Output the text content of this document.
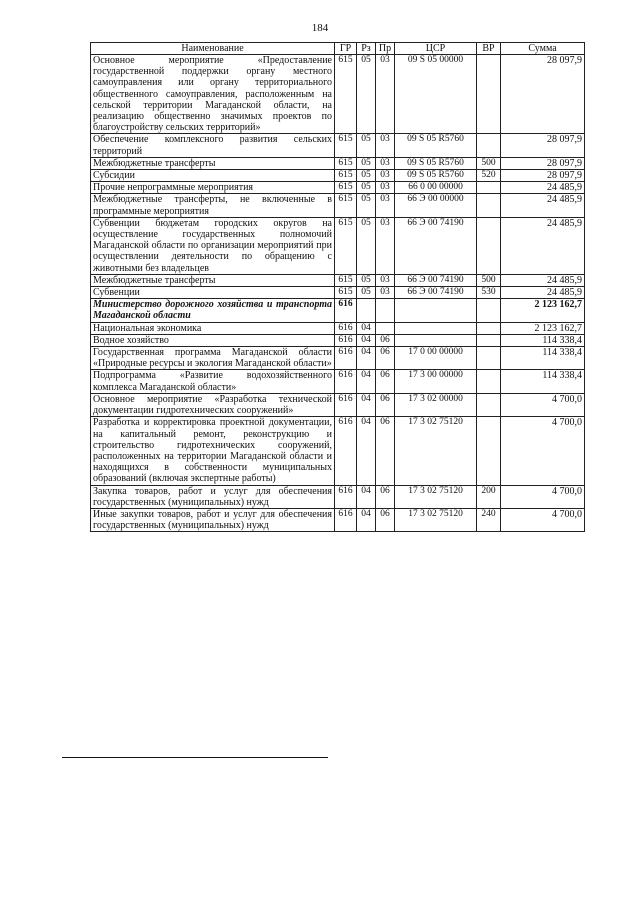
184
Наименование	ГР	Рз	Пр	ЦСР	ВР	Сумма
Основное мероприятие «Предоставление государственной поддержки органу местного самоуправления или органу территориального общественного самоуправления, расположенным на сельской территории Магаданской области, на реализацию общественно значимых проектов по благоустройству сельских территорий»	615	05	03	09 S 05 00000		28 097,9
Обеспечение комплексного развития сельских территорий	615	05	03	09 S 05 R5760		28 097,9
Межбюджетные трансферты	615	05	03	09 S 05 R5760	500	28 097,9
Субсидии	615	05	03	09 S 05 R5760	520	28 097,9
Прочие непрограммные мероприятия	615	05	03	66 0 00 00000		24 485,9
Межбюджетные трансферты, не включенные в программные мероприятия	615	05	03	66 Э 00 00000		24 485,9
Субвенции бюджетам городских округов на осуществление государственных полномочий Магаданской области по организации мероприятий при осуществлении деятельности по обращению с животными без владельцев	615	05	03	66 Э 00 74190		24 485,9
Межбюджетные трансферты	615	05	03	66 Э 00 74190	500	24 485,9
Субвенции	615	05	03	66 Э 00 74190	530	24 485,9
Министерство дорожного хозяйства и транспорта Магаданской области	616					2 123 162,7
Национальная экономика	616	04				2 123 162,7
Водное хозяйство	616	04	06			114 338,4
Государственная программа Магаданской области «Природные ресурсы и экология Магаданской области»	616	04	06	17 0 00 00000		114 338,4
Подпрограмма «Развитие водохозяйственного комплекса Магаданской области»	616	04	06	17 3 00 00000		114 338,4
Основное мероприятие «Разработка технической документации гидротехнических сооружений»	616	04	06	17 3 02 00000		4 700,0
Разработка и корректировка проектной документации, на капитальный ремонт, реконструкцию и строительство гидротехнических сооружений, расположенных на территории Магаданской области и находящихся в собственности муниципальных образований (включая экспертные работы)	616	04	06	17 3 02 75120		4 700,0
Закупка товаров, работ и услуг для обеспечения государственных (муниципальных) нужд	616	04	06	17 3 02 75120	200	4 700,0
Иные закупки товаров, работ и услуг для обеспечения государственных (муниципальных) нужд	616	04	06	17 3 02 75120	240	4 700,0
